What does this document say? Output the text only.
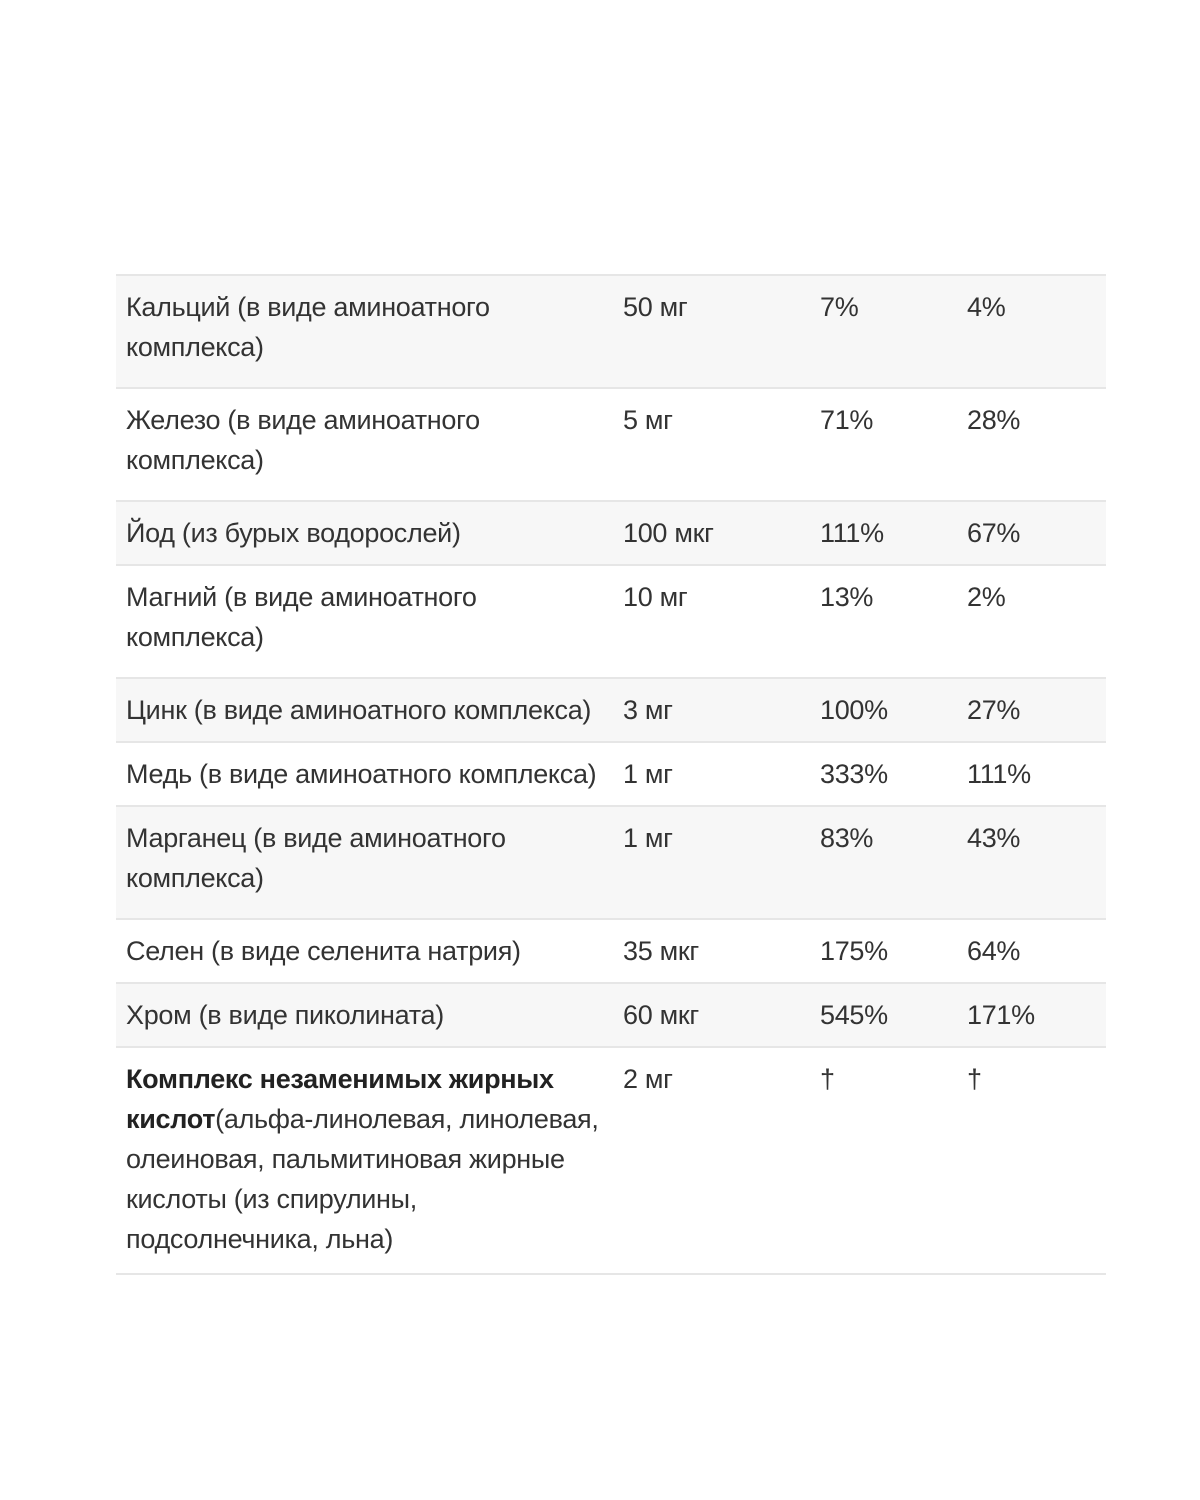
Кальций (в виде аминоатного комплекса)	50 мг	7%	4%
Железо (в виде аминоатного комплекса)	5 мг	71%	28%
Йод (из бурых водорослей)	100 мкг	111%	67%
Магний (в виде аминоатного комплекса)	10 мг	13%	2%
Цинк (в виде аминоатного комплекса)	3 мг	100%	27%
Медь (в виде аминоатного комплекса)	1 мг	333%	111%
Марганец (в виде аминоатного комплекса)	1 мг	83%	43%
Селен (в виде селенита натрия)	35 мкг	175%	64%
Хром (в виде пиколината)	60 мкг	545%	171%
Комплекс незаменимых жирных кислот(альфа-линолевая, линолевая, олеиновая, пальмитиновая жирные кислоты (из спирулины, подсолнечника, льна)	2 мг	†	†
